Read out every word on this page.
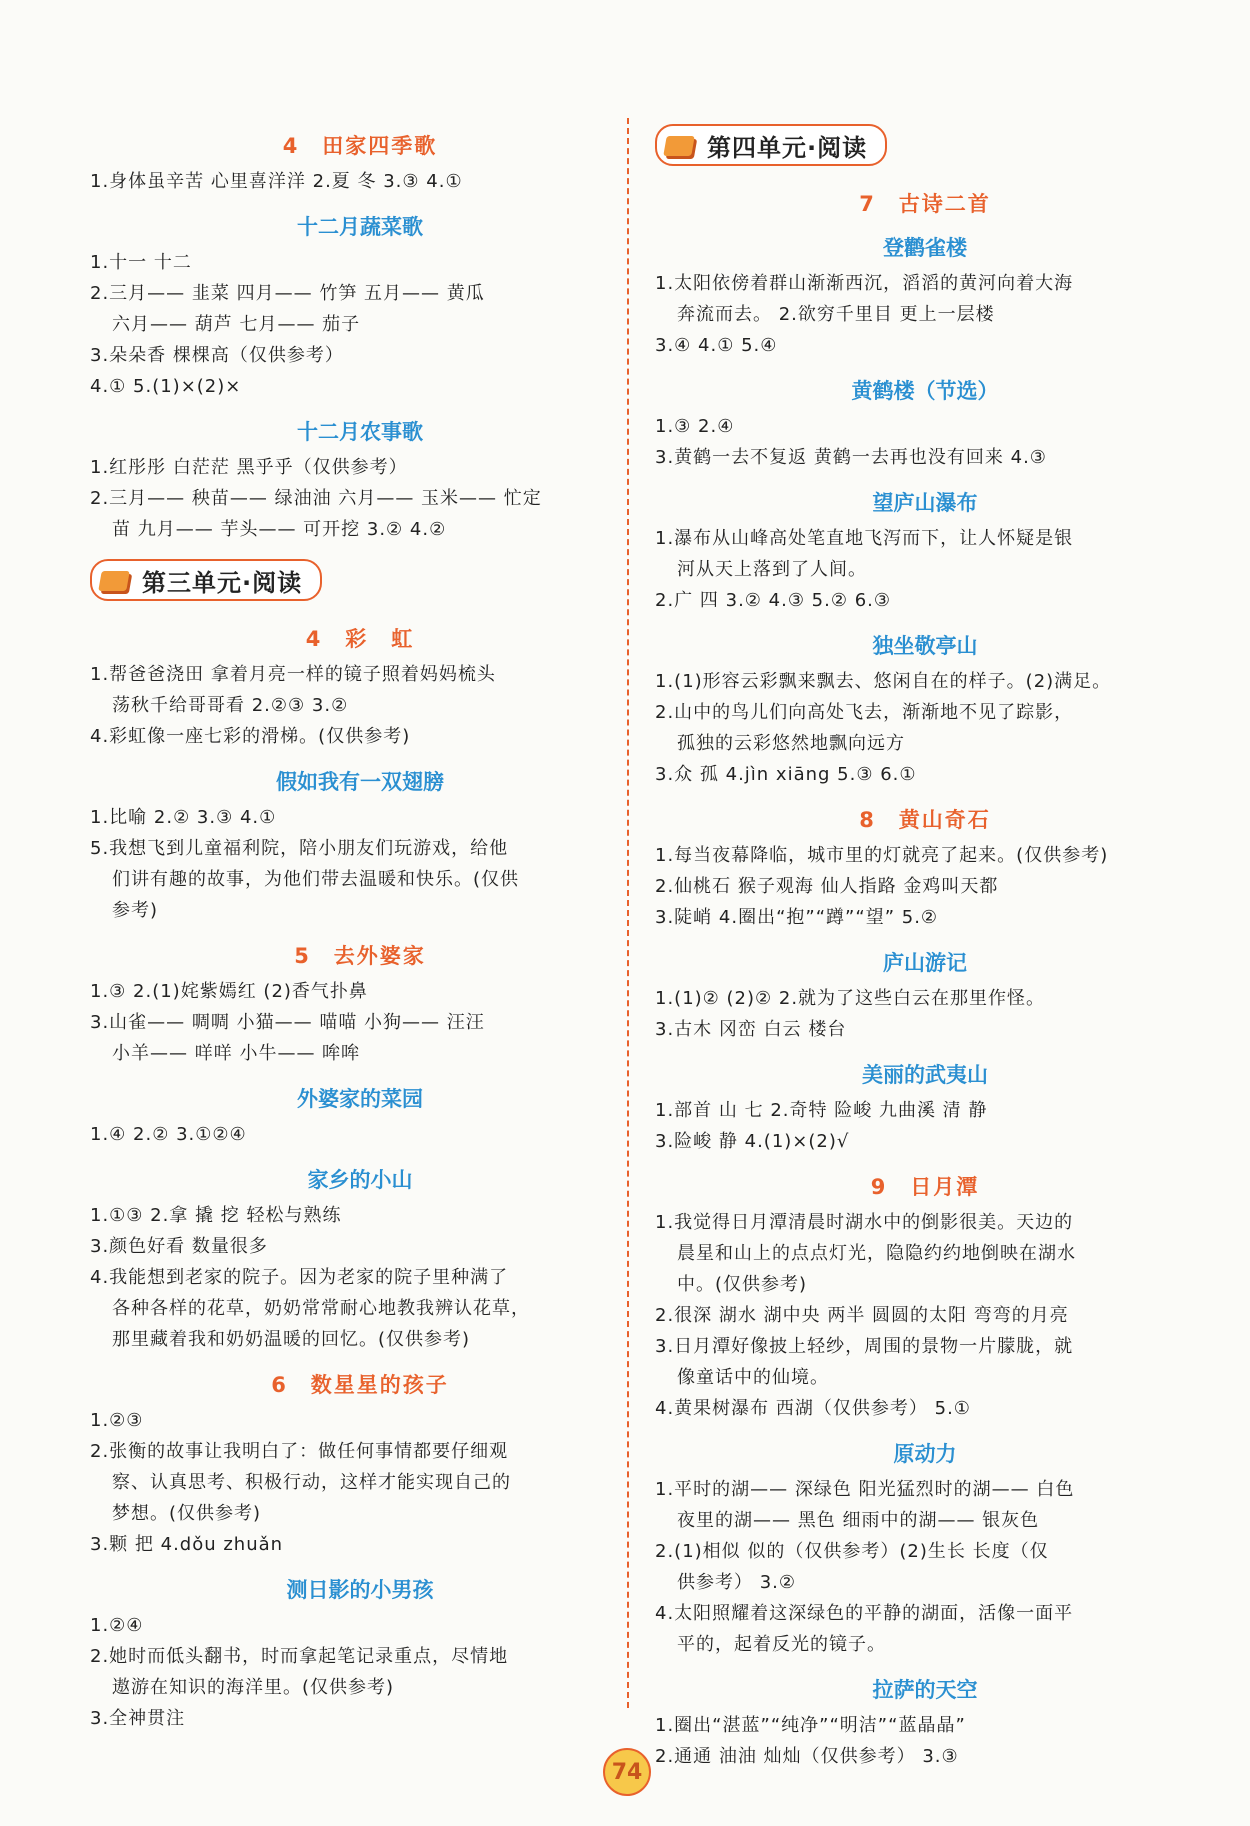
4　田家四季歌
1.身体虽辛苦 心里喜洋洋 2.夏 冬 3.③ 4.①
十二月蔬菜歌
1.十一 十二
2.三月—— 韭菜 四月—— 竹笋 五月—— 黄瓜
六月—— 葫芦 七月—— 茄子
3.朵朵香 棵棵高（仅供参考）
4.① 5.(1)×(2)×
十二月农事歌
1.红彤彤 白茫茫 黑乎乎（仅供参考）
2.三月—— 秧苗—— 绿油油 六月—— 玉米—— 忙定
苗 九月—— 芋头—— 可开挖 3.② 4.②
第三单元·阅读
4　彩　虹
1.帮爸爸浇田 拿着月亮一样的镜子照着妈妈梳头
荡秋千给哥哥看 2.②③ 3.②
4.彩虹像一座七彩的滑梯。(仅供参考)
假如我有一双翅膀
1.比喻 2.② 3.③ 4.①
5.我想飞到儿童福利院，陪小朋友们玩游戏，给他
们讲有趣的故事，为他们带去温暖和快乐。(仅供
参考)
5　去外婆家
1.③ 2.(1)姹紫嫣红 (2)香气扑鼻
3.山雀—— 啁啁 小猫—— 喵喵 小狗—— 汪汪
小羊—— 咩咩 小牛—— 哞哞
外婆家的菜园
1.④ 2.② 3.①②④
家乡的小山
1.①③ 2.拿 撬 挖 轻松与熟练
3.颜色好看 数量很多
4.我能想到老家的院子。因为老家的院子里种满了
各种各样的花草，奶奶常常耐心地教我辨认花草，
那里藏着我和奶奶温暖的回忆。(仅供参考)
6　数星星的孩子
1.②③
2.张衡的故事让我明白了：做任何事情都要仔细观
察、认真思考、积极行动，这样才能实现自己的
梦想。(仅供参考)
3.颗 把 4.dǒu zhuǎn
测日影的小男孩
1.②④
2.她时而低头翻书，时而拿起笔记录重点，尽情地
遨游在知识的海洋里。(仅供参考)
3.全神贯注
第四单元·阅读
7　古诗二首
登鹳雀楼
1.太阳依傍着群山渐渐西沉，滔滔的黄河向着大海
奔流而去。 2.欲穷千里目 更上一层楼
3.④ 4.① 5.④
黄鹤楼（节选）
1.③ 2.④
3.黄鹤一去不复返 黄鹤一去再也没有回来 4.③
望庐山瀑布
1.瀑布从山峰高处笔直地飞泻而下，让人怀疑是银
河从天上落到了人间。
2.广 四 3.② 4.③ 5.② 6.③
独坐敬亭山
1.(1)形容云彩飘来飘去、悠闲自在的样子。(2)满足。
2.山中的鸟儿们向高处飞去，渐渐地不见了踪影，
孤独的云彩悠然地飘向远方
3.众 孤 4.jìn xiāng 5.③ 6.①
8　黄山奇石
1.每当夜幕降临，城市里的灯就亮了起来。(仅供参考)
2.仙桃石 猴子观海 仙人指路 金鸡叫天都
3.陡峭 4.圈出“抱”“蹲”“望” 5.②
庐山游记
1.(1)② (2)② 2.就为了这些白云在那里作怪。
3.古木 冈峦 白云 楼台
美丽的武夷山
1.部首 山 七 2.奇特 险峻 九曲溪 清 静
3.险峻 静 4.(1)×(2)√
9　日月潭
1.我觉得日月潭清晨时湖水中的倒影很美。天边的
晨星和山上的点点灯光，隐隐约约地倒映在湖水
中。(仅供参考)
2.很深 湖水 湖中央 两半 圆圆的太阳 弯弯的月亮
3.日月潭好像披上轻纱，周围的景物一片朦胧，就
像童话中的仙境。
4.黄果树瀑布 西湖（仅供参考） 5.①
原动力
1.平时的湖—— 深绿色 阳光猛烈时的湖—— 白色
夜里的湖—— 黑色 细雨中的湖—— 银灰色
2.(1)相似 似的（仅供参考）(2)生长 长度（仅
供参考） 3.②
4.太阳照耀着这深绿色的平静的湖面，活像一面平
平的，起着反光的镜子。
拉萨的天空
1.圈出“湛蓝”“纯净”“明洁”“蓝晶晶”
2.通通 油油 灿灿（仅供参考） 3.③
74
